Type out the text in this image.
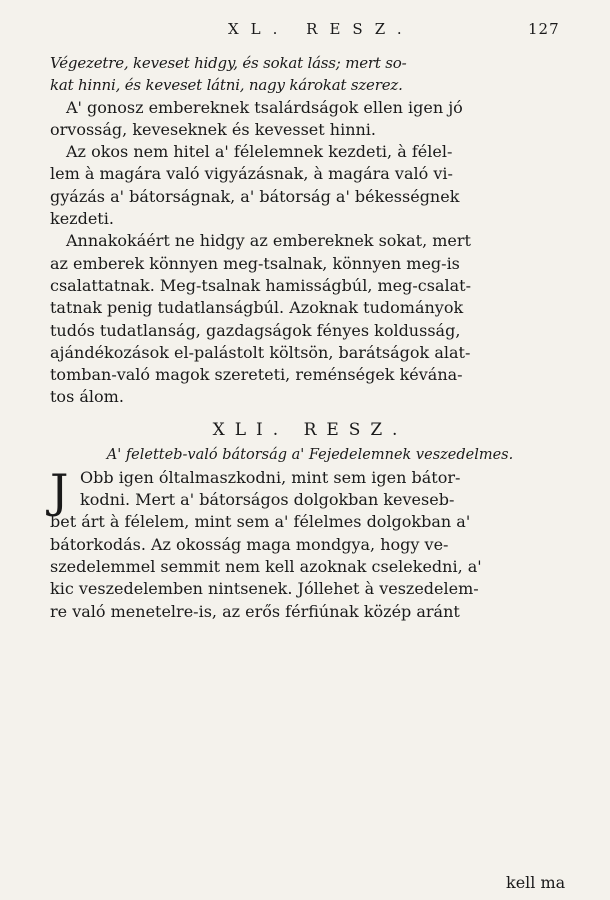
XL. RESZ.	127
Végezetre, keveset hidgy, és sokat láss; mert so-
kat hinni, és keveset látni, nagy károkat szerez.
A' gonosz embereknek tsalárdságok ellen igen jó
orvosság, keveseknek és kevesset hinni.
Az okos nem hitel a' félelemnek kezdeti, à félel-
lem à magára való vigyázásnak, à magára való vi-
gyázás a' bátorságnak, a' bátorság a' békességnek
kezdeti.
Annakokáért ne hidgy az embereknek sokat, mert
az emberek könnyen meg-tsalnak, könnyen meg-is
csalattatnak. Meg-tsalnak hamisságbúl, meg-csalat-
tatnak penig tudatlanságbúl. Azoknak tudományok
tudós tudatlanság, gazdagságok fényes koldusság,
ajándékozások el-palástolt költsön, barátságok alat-
tomban-való magok szereteti, reménségek kévána-
tos álom.
XLI. RESZ.
A' feletteb-való bátorság a' Fejedelemnek veszedelmes.
J Obb igen óltalmaszkodni, mint sem igen bátor-
kodni. Mert a' bátorságos dolgokban keveseb-
bet árt à félelem, mint sem a' félelmes dolgokban a'
bátorkodás. Az okosság maga mondgya, hogy ve-
szedelemmel semmit nem kell azoknak cselekedni, a'
kic veszedelemben nintsenek. Jóllehet à veszedelem-
re való menetelre-is, az erős férfiúnak közép aránt
kell ma
